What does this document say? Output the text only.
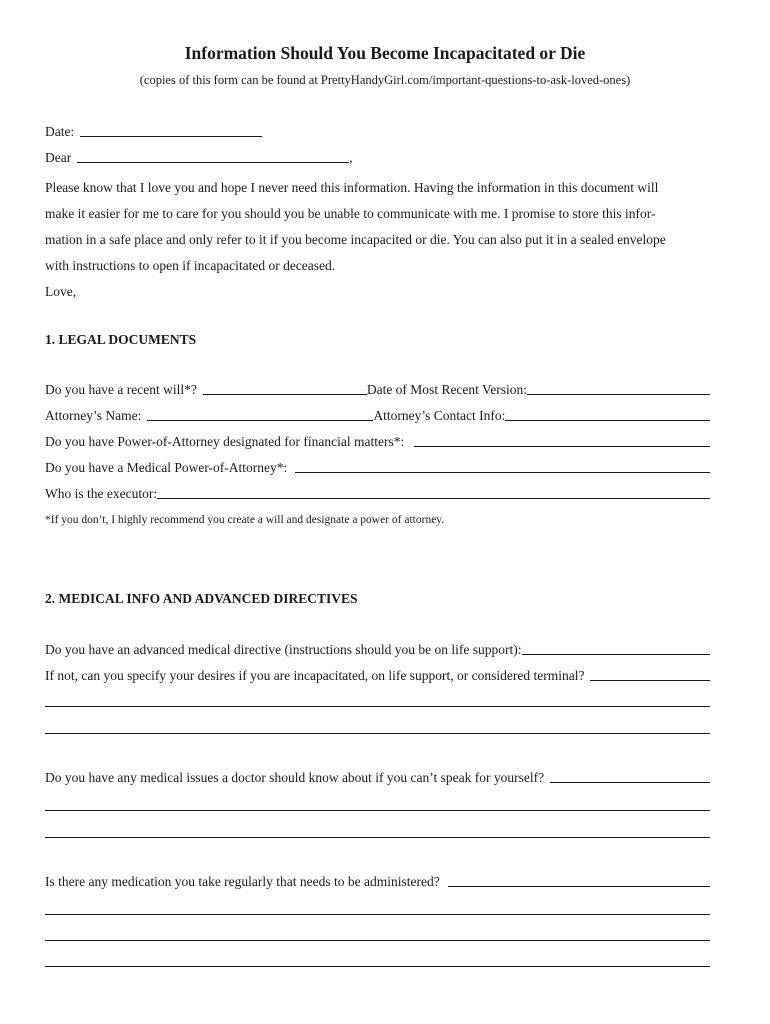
Information Should You Become Incapacitated or Die
(copies of this form can be found at PrettyHandyGirl.com/important-questions-to-ask-loved-ones)
Date:
Dear	,
Please know that I love you and hope I never need this information. Having the information in this document will
make it easier for me to care for you should you be unable to communicate with me. I promise to store this infor-
mation in a safe place and only refer to it if you become incapacited or die. You can also put it in a sealed envelope
with instructions to open if incapacitated or deceased.
Love,
1. LEGAL DOCUMENTS
Do you have a recent will*?	Date of Most Recent Version:
Attorney’s Name:	Attorney’s Contact Info:
Do you have Power-of-Attorney designated for financial matters*:
Do you have a Medical Power-of-Attorney*:
Who is the executor:
*If you don’t, I highly recommend you create a will and designate a power of attorney.
2. MEDICAL INFO AND ADVANCED DIRECTIVES
Do you have an advanced medical directive (instructions should you be on life support):
If not, can you specify your desires if you are incapacitated, on life support, or considered terminal?
Do you have any medical issues a doctor should know about if you can’t speak for yourself?
Is there any medication you take regularly that needs to be administered?
